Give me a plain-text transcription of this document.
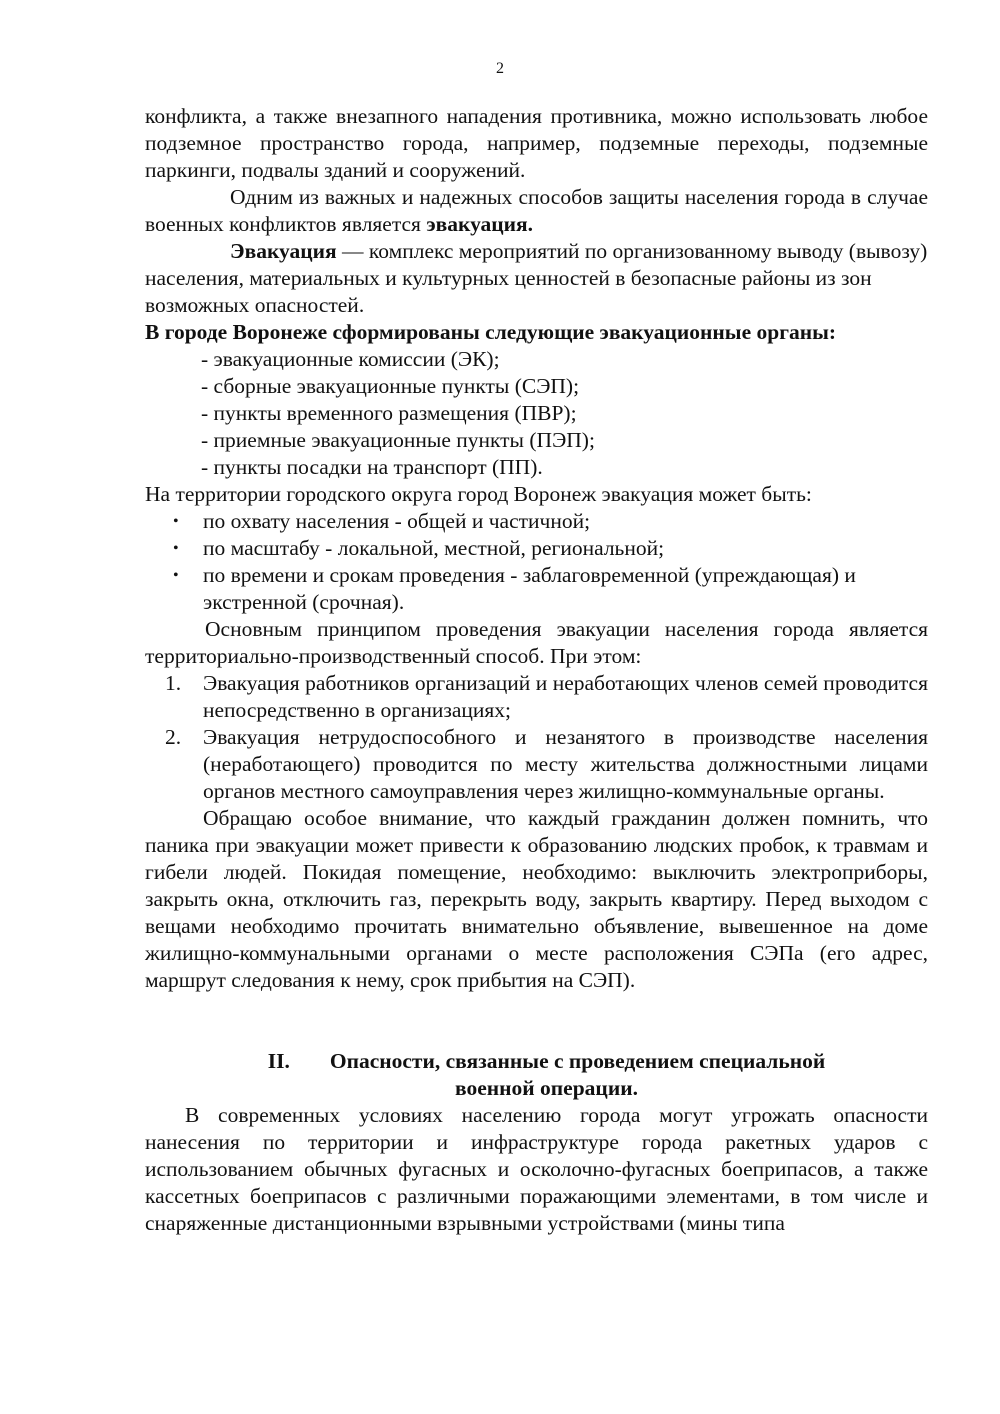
2

конфликта, а также внезапного нападения противника, можно использовать любое подземное пространство города, например, подземные переходы, подземные паркинги, подвалы зданий и сооружений.

Одним из важных и надежных способов защиты населения города в случае военных конфликтов является эвакуация.

Эвакуация — комплекс мероприятий по организованному выводу (вывозу) населения, материальных и культурных ценностей в безопасные районы из зон возможных опасностей.

В городе Воронеже сформированы следующие эвакуационные органы:

- эвакуационные комиссии (ЭК);
- сборные эвакуационные пункты (СЭП);
- пункты временного размещения (ПВР);
- приемные эвакуационные пункты (ПЭП);
- пункты посадки на транспорт (ПП).

На территории городского округа город Воронеж эвакуация может быть:

• по охвату населения - общей и частичной;
• по масштабу - локальной, местной, региональной;
• по времени и срокам проведения - заблаговременной (упреждающая) и экстренной (срочная).

Основным принципом проведения эвакуации населения города является территориально-производственный способ. При этом:

1. Эвакуация работников организаций и неработающих членов семей проводится непосредственно в организациях;
2. Эвакуация нетрудоспособного и незанятого в производстве населения (неработающего) проводится по месту жительства должностными лицами органов местного самоуправления через жилищно-коммунальные органы.

Обращаю особое внимание, что каждый гражданин должен помнить, что паника при эвакуации может привести к образованию людских пробок, к травмам и гибели людей. Покидая помещение, необходимо: выключить электроприборы, закрыть окна, отключить газ, перекрыть воду, закрыть квартиру. Перед выходом с вещами необходимо прочитать внимательно объявление, вывешенное на доме жилищно-коммунальными органами о месте расположения СЭПа (его адрес, маршрут следования к нему, срок прибытия на СЭП).

II. Опасности, связанные с проведением специальной

военной операции.

В современных условиях населению города могут угрожать опасности нанесения по территории и инфраструктуре города ракетных ударов с использованием обычных фугасных и осколочно-фугасных боеприпасов, а также кассетных боеприпасов с различными поражающими элементами, в том числе и снаряженные дистанционными взрывными устройствами (мины типа
